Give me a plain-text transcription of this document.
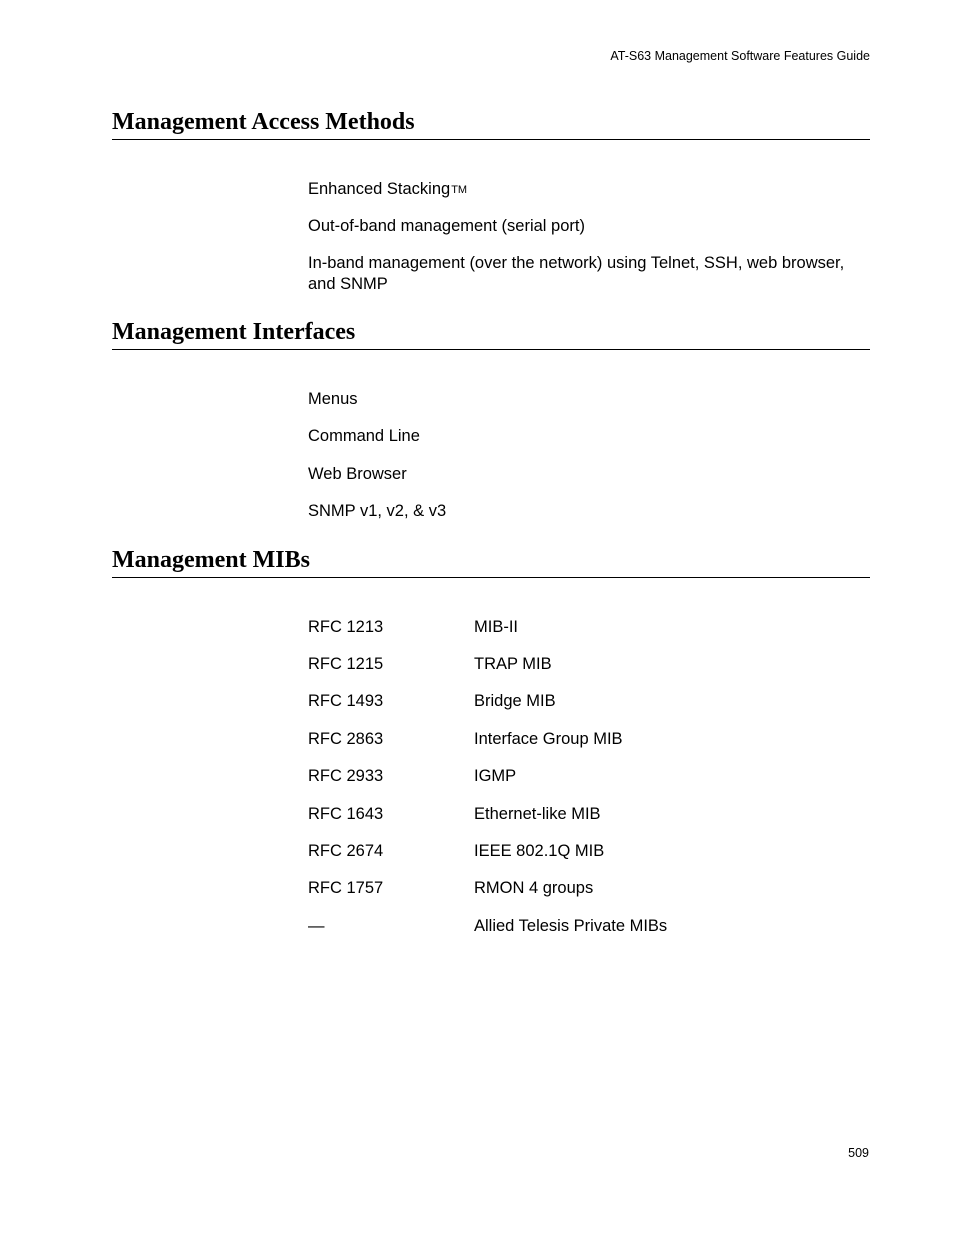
AT-S63 Management Software Features Guide
Management Access Methods
Enhanced StackingTM
Out-of-band management (serial port)
In-band management (over the network) using Telnet, SSH, web browser,
and SNMP
Management Interfaces
Menus
Command Line
Web Browser
SNMP v1, v2, & v3
Management MIBs
RFC 1213	MIB-II
RFC 1215	TRAP MIB
RFC 1493	Bridge MIB
RFC 2863	Interface Group MIB
RFC 2933	IGMP
RFC 1643	Ethernet-like MIB
RFC 2674	IEEE 802.1Q MIB
RFC 1757	RMON 4 groups
—	Allied Telesis Private MIBs
509
